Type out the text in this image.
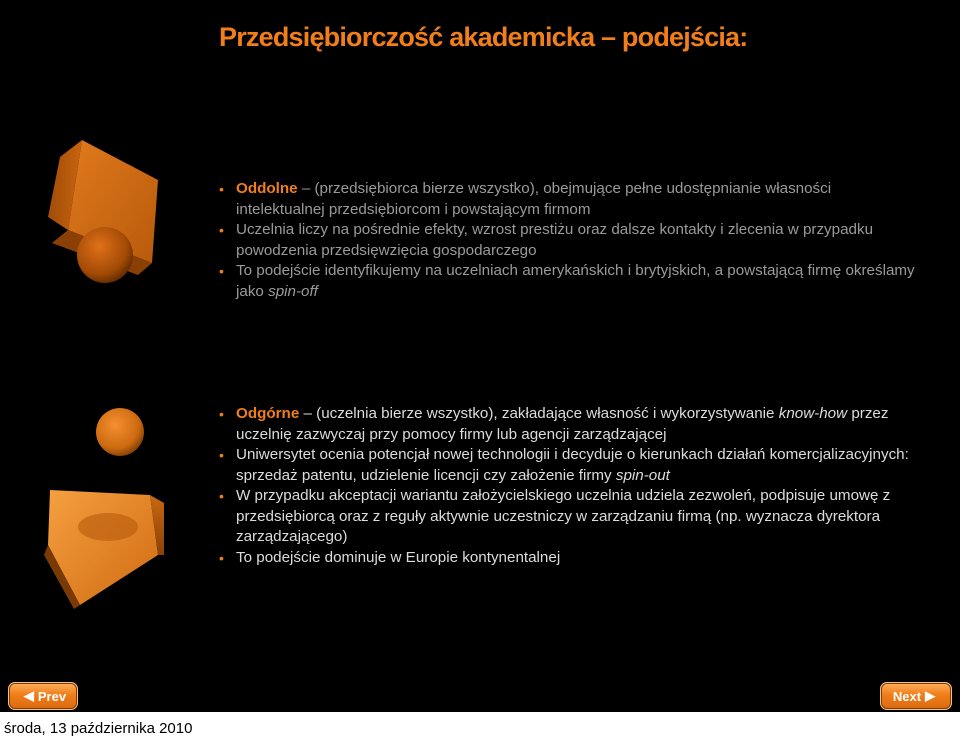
Przedsiębiorczość akademicka – podejścia:
• Oddolne – (przedsiębiorca bierze wszystko), obejmujące pełne udostępnianie własności intelektualnej przedsiębiorcom i powstającym firmom
• Uczelnia liczy na pośrednie efekty, wzrost prestiżu oraz dalsze kontakty i zlecenia w przypadku powodzenia przedsięwzięcia gospodarczego
• To podejście identyfikujemy na uczelniach amerykańskich i brytyjskich, a powstającą firmę określamy jako spin-off
• Odgórne – (uczelnia bierze wszystko), zakładające własność i wykorzystywanie know-how przez uczelnię zazwyczaj przy pomocy firmy lub agencji zarządzającej
• Uniwersytet ocenia potencjał nowej technologii i decyduje o kierunkach działań komercjalizacyjnych: sprzedaż patentu, udzielenie licencji czy założenie firmy spin-out
• W przypadku akceptacji wariantu założycielskiego uczelnia udziela zezwoleń, podpisuje umowę z przedsiębiorcą oraz z reguły aktywnie uczestniczy w zarządzaniu firmą (np. wyznacza dyrektora zarządzającego)
• To podejście dominuje w Europie kontynentalnej
◀ Prev	Next ▶
środa, 13 października 2010
